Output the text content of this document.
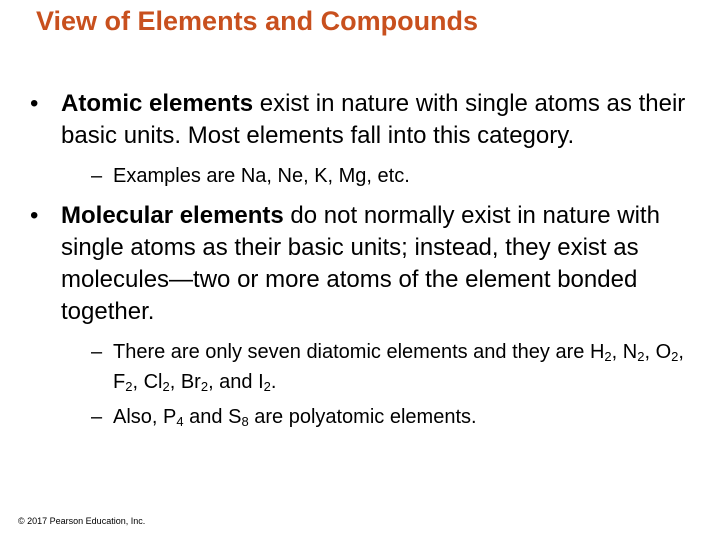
View of Elements and Compounds
• Atomic elements exist in nature with single atoms as their basic units. Most elements fall into this category.
– Examples are Na, Ne, K, Mg, etc.
• Molecular elements do not normally exist in nature with single atoms as their basic units; instead, they exist as molecules—two or more atoms of the element bonded together.
– There are only seven diatomic elements and they are $H_2$, $N_2$, $O_2$, $F_2$, $Cl_2$, $Br_2$, and $I_2$.
– Also, $P_4$ and $S_8$ are polyatomic elements.
© 2017 Pearson Education, Inc.
